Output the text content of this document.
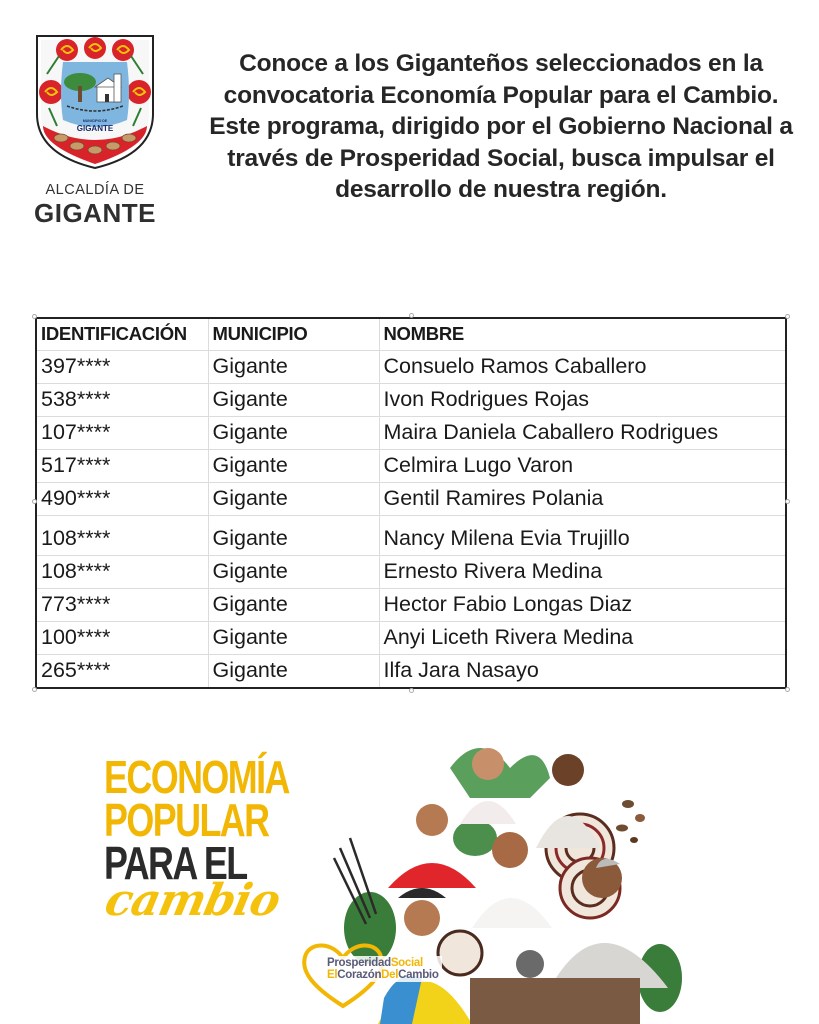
MUNICIPIO DE
GIGANTE
ALCALDÍA DE
GIGANTE
Conoce a los Giganteños seleccionados en la convocatoria Economía Popular para el Cambio. Este programa, dirigido por el Gobierno Nacional a través de Prosperidad Social, busca impulsar el desarrollo de nuestra región.
IDENTIFICACIÓN	MUNICIPIO	NOMBRE
397****	Gigante	Consuelo Ramos Caballero
538****	Gigante	Ivon Rodrigues Rojas
107****	Gigante	Maira Daniela Caballero Rodrigues
517****	Gigante	Celmira Lugo Varon
490****	Gigante	Gentil Ramires Polania
108****	Gigante	Nancy Milena Evia Trujillo
108****	Gigante	Ernesto Rivera Medina
773****	Gigante	Hector Fabio Longas Diaz
100****	Gigante	Anyi Liceth Rivera Medina
265****	Gigante	Ilfa Jara Nasayo
ECONOMÍA
POPULAR
PARA EL
cambio
ProsperidadSocial
ElCorazónDelCambio
